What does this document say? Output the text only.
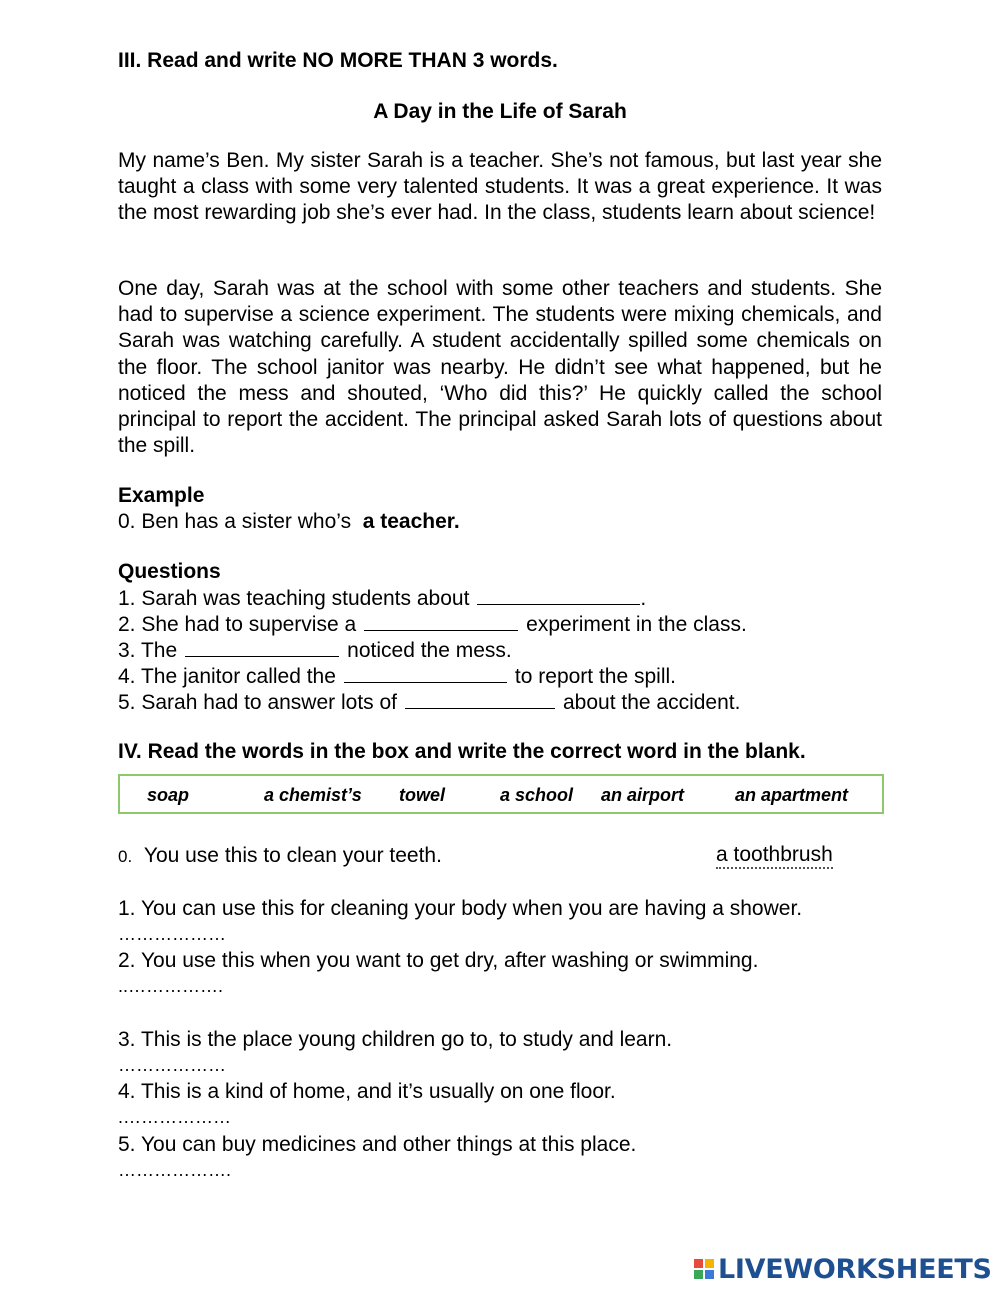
III. Read and write NO MORE THAN 3 words.
A Day in the Life of Sarah
My name’s Ben. My sister Sarah is a teacher. She’s not famous, but last year she taught a class with some very talented students. It was a great experience. It was the most rewarding job she’s ever had. In the class, students learn about science!
One day, Sarah was at the school with some other teachers and students. She had to supervise a science experiment. The students were mixing chemicals, and Sarah was watching carefully. A student accidentally spilled some chemicals on the floor. The school janitor was nearby. He didn’t see what happened, but he noticed the mess and shouted, ‘Who did this?’ He quickly called the school principal to report the accident. The principal asked Sarah lots of questions about the spill.
Example
0. Ben has a sister who’s a teacher.
Questions
1. Sarah was teaching students about	.
2. She had to supervise a	experiment in the class.
3. The	noticed the mess.
4. The janitor called the	to report the spill.
5. Sarah had to answer lots of	about the accident.
IV. Read the words in the box and write the correct word in the blank.
soap	a chemist’s towel	a school an airport	an apartment
0. You use this to clean your teeth.	a toothbrush
1. You can use this for cleaning your body when you are having a shower.
………………
2. You use this when you want to get dry, after washing or swimming.
..…………….
3. This is the place young children go to, to study and learn.
………………
4. This is a kind of home, and it’s usually on one floor.
.………………
5. You can buy medicines and other things at this place.
……………….
LIVEWORKSHEETS
